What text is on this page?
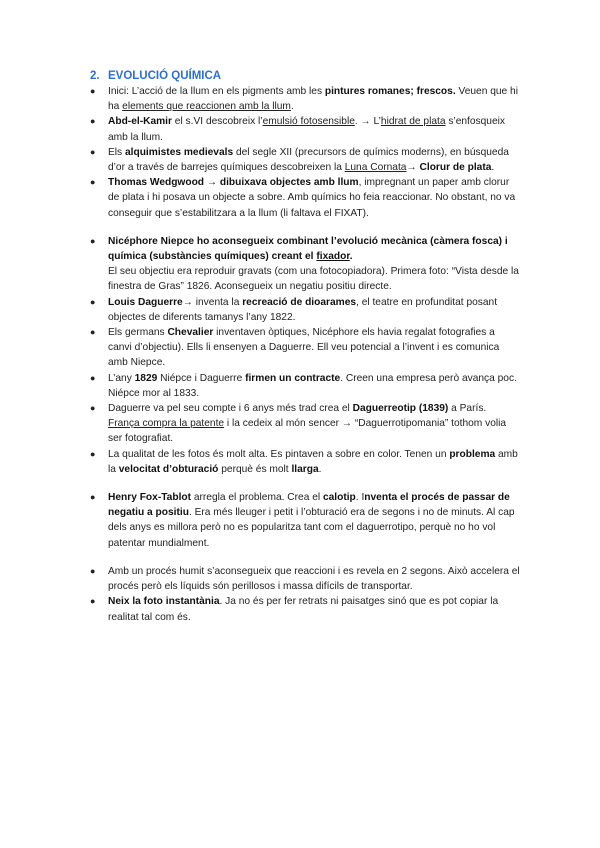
2. EVOLUCIÓ QUÍMICA
● Inici: L’acció de la llum en els pigments amb les pintures romanes; frescos. Veuen que hi ha elements que reaccionen amb la llum.
● Abd-el-Kamir el s.VI descobreix l’emulsió fotosensible. → L’hidrat de plata s’enfosqueix amb la llum.
● Els alquimistes medievals del segle XII (precursors de químics moderns), en búsqueda d’or a través de barrejes químiques descobreixen la Luna Cornata→ Clorur de plata.
● Thomas Wedgwood → dibuixava objectes amb llum, impregnant un paper amb clorur de plata i hi posava un objecte a sobre. Amb químics ho feia reaccionar. No obstant, no va conseguir que s’estabilitzara a la llum (li faltava el FIXAT).
● Nicéphore Niepce ho aconsegueix combinant l’evolució mecànica (càmera fosca) i química (substàncies químiques) creant el fixador.
El seu objectiu era reproduir gravats (com una fotocopiadora). Primera foto: “Vista desde la finestra de Gras” 1826. Aconsegueix un negatiu positiu directe.
● Louis Daguerre→ inventa la recreació de dioarames, el teatre en profunditat posant objectes de diferents tamanys l’any 1822.
● Els germans Chevalier inventaven òptiques, Nicéphore els havia regalat fotografies a canvi d’objectiu). Ells li ensenyen a Daguerre. Ell veu potencial a l’invent i es comunica amb Niepce.
● L’any 1829 Niépce i Daguerre firmen un contracte. Creen una empresa però avança poc. Niépce mor al 1833.
● Daguerre va pel seu compte i 6 anys més trad crea el Daguerreotip (1839) a París. França compra la patente i la cedeix al món sencer → “Daguerrotipomania” tothom volia ser fotografiat.
● La qualitat de les fotos és molt alta. Es pintaven a sobre en color. Tenen un problema amb la velocitat d’obturació perquè és molt llarga.
● Henry Fox-Tablot arregla el problema. Crea el calotip. Inventa el procés de passar de negatiu a positiu. Era més lleuger i petit i l’obturació era de segons i no de minuts. Al cap dels anys es millora però no es popularitza tant com el daguerrotipo, perquè no ho vol patentar mundialment.
● Amb un procés humit s’aconsegueix que reaccioni i es revela en 2 segons. Això accelera el procés però els líquids són perillosos i massa difícils de transportar.
● Neix la foto instantània. Ja no és per fer retrats ni paisatges sinó que es pot copiar la realitat tal com és.
